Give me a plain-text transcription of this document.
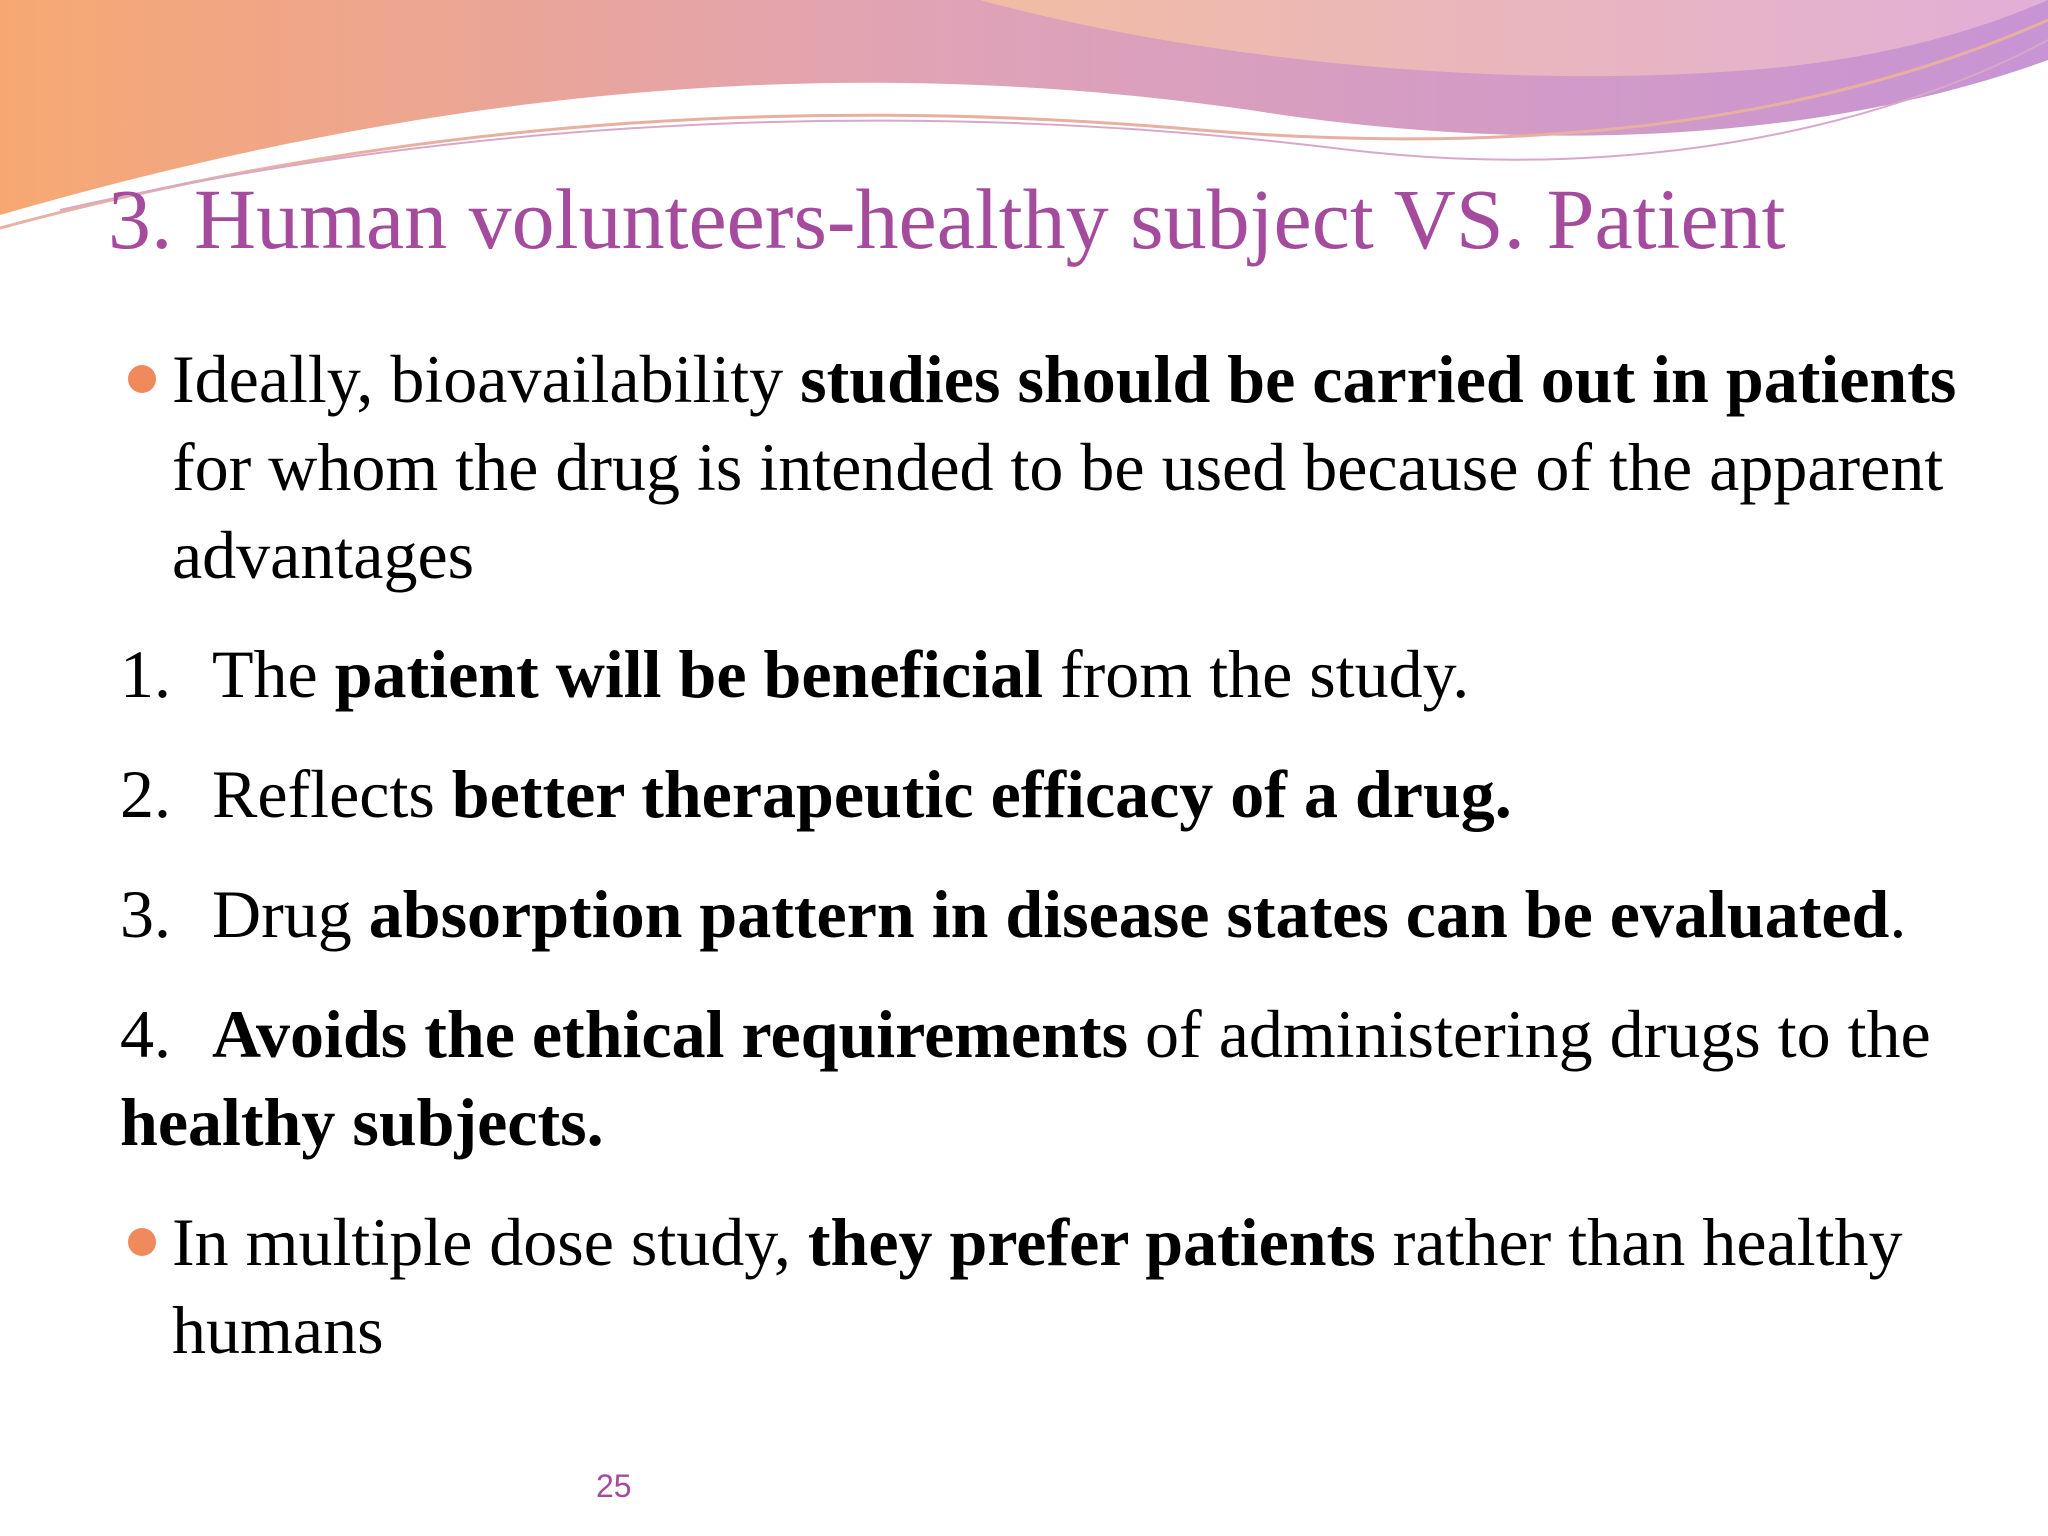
3. Human volunteers-healthy subject VS. Patient
Ideally, bioavailability studies should be carried out in patients for whom the drug is intended to be used because of the apparent advantages
1. The patient will be beneficial from the study.
2. Reflects better therapeutic efficacy of a drug.
3. Drug absorption pattern in disease states can be evaluated.
4. Avoids the ethical requirements of administering drugs to the healthy subjects.
In multiple dose study, they prefer patients rather than healthy humans
25
